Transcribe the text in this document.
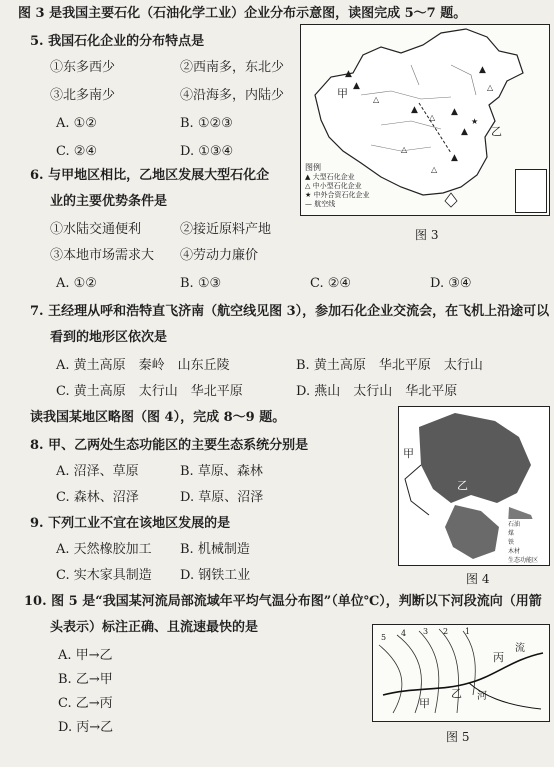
图 3 是我国主要石化（石油化学工业）企业分布示意图，读图完成 5～7 题。
5. 我国石化企业的分布特点是
①东多西少	②西南多，东北少
③北多南少	④沿海多，内陆少
A. ①②	B. ①②③
C. ②④	D. ①③④
▲
▲
△
▲
△
▲
▲
★
▲
△
▲
△
△
甲
乙
图例
▲ 大型石化企业
△ 中小型石化企业
★ 中外合资石化企业
— 航空线
图 3
6. 与甲地区相比，乙地区发展大型石化企
业的主要优势条件是
①水陆交通便利	②接近原料产地
③本地市场需求大 ④劳动力廉价
A. ①②	B. ①③	C. ②④	D. ③④
7. 王经理从呼和浩特直飞济南（航空线见图 3），参加石化企业交流会，在飞机上沿途可以
看到的地形区依次是
A. 黄土高原　秦岭　山东丘陵	B. 黄土高原　华北平原　太行山
C. 黄土高原　太行山　华北平原	D. 燕山　太行山　华北平原
读我国某地区略图（图 4），完成 8～9 题。
甲
乙
石油
煤
铁
木材
生态功能区
图 4
8. 甲、乙两处生态功能区的主要生态系统分别是
A. 沼泽、草原	B. 草原、森林
C. 森林、沼泽	D. 草原、沼泽
9. 下列工业不宜在该地区发展的是
A. 天然橡胶加工 B. 机械制造
C. 实木家具制造 D. 钢铁工业
10. 图 5 是“我国某河流局部流域年平均气温分布图”（单位℃），判断以下河段流向（用箭
头表示）标注正确、且流速最快的是
A. 甲→乙
B. 乙→甲
C. 乙→丙
D. 丙→乙
5 4 3 2 1
甲
乙
丙
流
河
图 5
